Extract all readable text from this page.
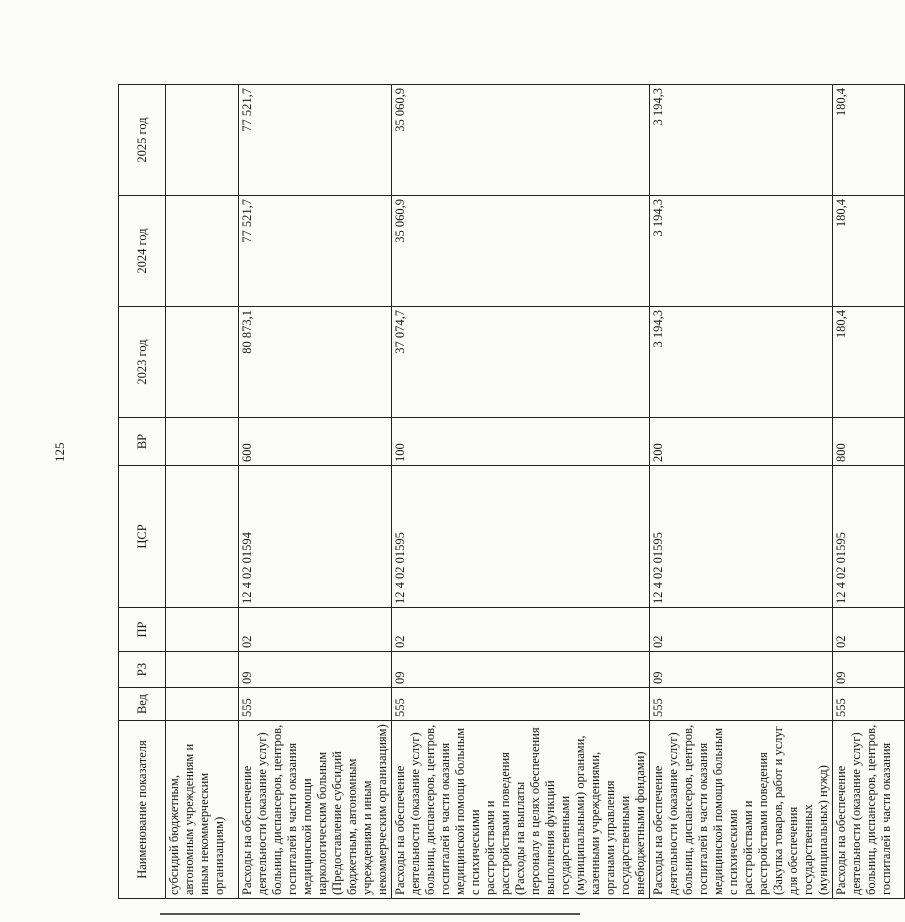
125
Наименование показателя	Вед	РЗ	ПР	ЦСР	ВР	2023 год	2024 год	2025 год
субсидий бюджетным, автономным учреждениям и иным некоммерческим организациям)								
Расходы на обеспечение деятельности (оказание услуг) больниц, диспансеров, центров, госпиталей в части оказания медицинской помощи наркологическим больным (Предоставление субсидий бюджетным, автономным учреждениям и иным некоммерческим организациям)	555	09	02	12 4 02 01594	600	80 873,1	77 521,7	77 521,7
Расходы на обеспечение деятельности (оказание услуг) больниц, диспансеров, центров, госпиталей в части оказания медицинской помощи больным с психическими расстройствами и расстройствами поведения (Расходы на выплаты персоналу в целях обеспечения выполнения функций государственными (муниципальными) органами, казенными учреждениями, органами управления государственными внебюджетными фондами)	555	09	02	12 4 02 01595	100	37 074,7	35 060,9	35 060,9
Расходы на обеспечение деятельности (оказание услуг) больниц, диспансеров, центров, госпиталей в части оказания медицинской помощи больным с психическими расстройствами и расстройствами поведения (Закупка товаров, работ и услуг для обеспечения государственных (муниципальных) нужд)	555	09	02	12 4 02 01595	200	3 194,3	3 194,3	3 194,3
Расходы на обеспечение деятельности (оказание услуг) больниц, диспансеров, центров, госпиталей в части оказания	555	09	02	12 4 02 01595	800	180,4	180,4	180,4
